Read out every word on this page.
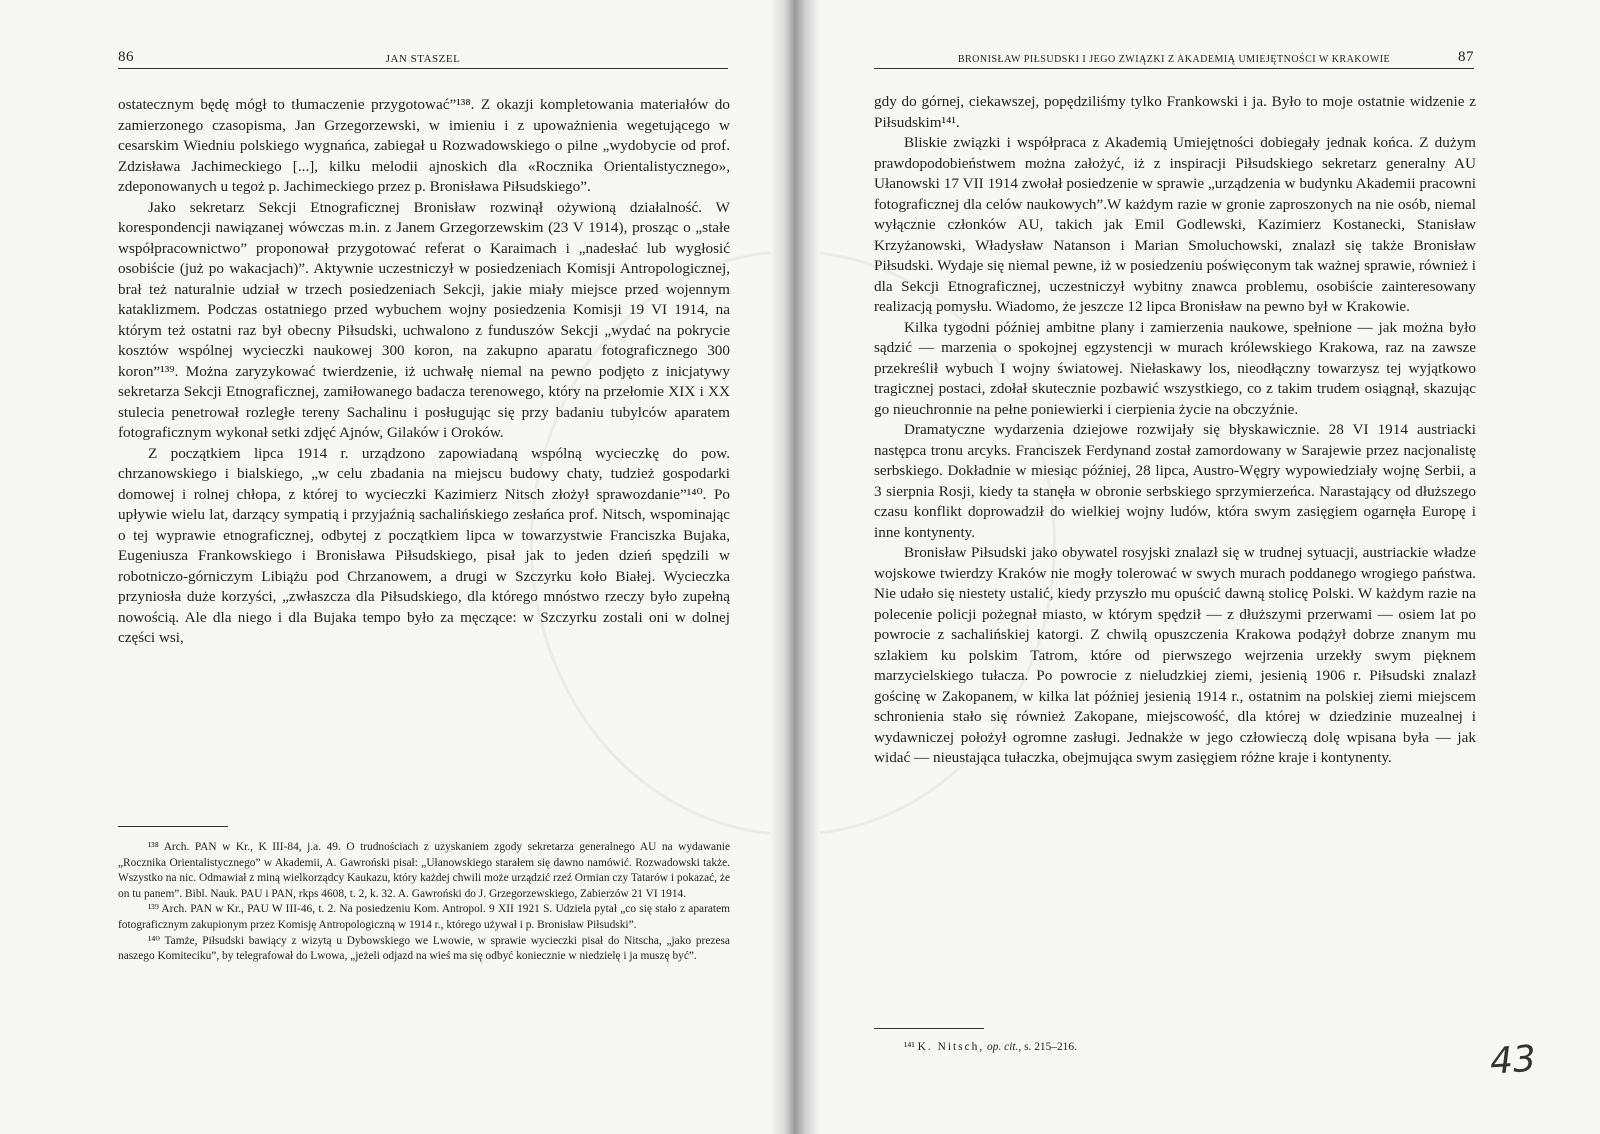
86	JAN STASZEL

ostatecznym będę mógł to tłumaczenie przygotować”¹³⁸. Z okazji kompletowania materiałów do zamierzonego czasopisma, Jan Grzegorzewski, w imieniu i z upoważnienia wegetującego w cesarskim Wiedniu polskiego wygnańca, zabiegał u Rozwadowskiego o pilne „wydobycie od prof. Zdzisława Jachimeckiego [...], kilku melodii ajnoskich dla «Rocznika Orientalistycznego», zdeponowanych u tegoż p. Jachimeckiego przez p. Bronisława Piłsudskiego”.

Jako sekretarz Sekcji Etnograficznej Bronisław rozwinął ożywioną działalność. W korespondencji nawiązanej wówczas m.in. z Janem Grzegorzewskim (23 V 1914), prosząc o „stałe współpracownictwo” proponował przygotować referat o Karaimach i „nadesłać lub wygłosić osobiście (już po wakacjach)”. Aktywnie uczestniczył w posiedzeniach Komisji Antropologicznej, brał też naturalnie udział w trzech posiedzeniach Sekcji, jakie miały miejsce przed wojennym kataklizmem. Podczas ostatniego przed wybuchem wojny posiedzenia Komisji 19 VI 1914, na którym też ostatni raz był obecny Piłsudski, uchwalono z funduszów Sekcji „wydać na pokrycie kosztów wspólnej wycieczki naukowej 300 koron, na zakupno aparatu fotograficznego 300 koron”¹³⁹. Można zaryzykować twierdzenie, iż uchwałę niemal na pewno podjęto z inicjatywy sekretarza Sekcji Etnograficznej, zamiłowanego badacza terenowego, który na przełomie XIX i XX stulecia penetrował rozległe tereny Sachalinu i posługując się przy badaniu tubylców aparatem fotograficznym wykonał setki zdjęć Ajnów, Gilaków i Oroków.

Z początkiem lipca 1914 r. urządzono zapowiadaną wspólną wycieczkę do pow. chrzanowskiego i bialskiego, „w celu zbadania na miejscu budowy chaty, tudzież gospodarki domowej i rolnej chłopa, z której to wycieczki Kazimierz Nitsch złożył sprawozdanie”¹⁴⁰. Po upływie wielu lat, darzący sympatią i przyjaźnią sachalińskiego zesłańca prof. Nitsch, wspominając o tej wyprawie etnograficznej, odbytej z początkiem lipca w towarzystwie Franciszka Bujaka, Eugeniusza Frankowskiego i Bronisława Piłsudskiego, pisał jak to jeden dzień spędzili w robotniczo-górniczym Libiążu pod Chrzanowem, a drugi w Szczyrku koło Białej. Wycieczka przyniosła duże korzyści, „zwłaszcza dla Piłsudskiego, dla którego mnóstwo rzeczy było zupełną nowością. Ale dla niego i dla Bujaka tempo było za męczące: w Szczyrku zostali oni w dolnej części wsi,

¹³⁸ Arch. PAN w Kr., K III-84, j.a. 49. O trudnościach z uzyskaniem zgody sekretarza generalnego AU na wydawanie „Rocznika Orientalistycznego” w Akademii, A. Gawroński pisał: „Ułanowskiego starałem się dawno namówić. Rozwadowski także. Wszystko na nic. Odmawiał z miną wielkorządcy Kaukazu, który każdej chwili może urządzić rzeź Ormian czy Tatarów i pokazać, że on tu panem”. Bibl. Nauk. PAU i PAN, rkps 4608, t. 2, k. 32. A. Gawroński do J. Grzegorzewskiego, Zabierzów 21 VI 1914.

¹³⁹ Arch. PAN w Kr., PAU W III-46, t. 2. Na posiedzeniu Kom. Antropol. 9 XII 1921 S. Udziela pytał „co się stało z aparatem fotograficznym zakupionym przez Komisję Antropologiczną w 1914 r., którego używał i p. Bronisław Piłsudski”.

¹⁴⁰ Tamże, Piłsudski bawiący z wizytą u Dybowskiego we Lwowie, w sprawie wycieczki pisał do Nitscha, „jako prezesa naszego Komiteciku”, by telegrafował do Lwowa, „jeżeli odjazd na wieś ma się odbyć koniecznie w niedzielę i ja muszę być”.

BRONISŁAW PIŁSUDSKI I JEGO ZWIĄZKI Z AKADEMIĄ UMIEJĘTNOŚCI W KRAKOWIE	87

gdy do górnej, ciekawszej, popędziliśmy tylko Frankowski i ja. Było to moje ostatnie widzenie z Piłsudskim¹⁴¹.

Bliskie związki i współpraca z Akademią Umiejętności dobiegały jednak końca. Z dużym prawdopodobieństwem można założyć, iż z inspiracji Piłsudskiego sekretarz generalny AU Ułanowski 17 VII 1914 zwołał posiedzenie w sprawie „urządzenia w budynku Akademii pracowni fotograficznej dla celów naukowych”.W każdym razie w gronie zaproszonych na nie osób, niemal wyłącznie członków AU, takich jak Emil Godlewski, Kazimierz Kostanecki, Stanisław Krzyżanowski, Władysław Natanson i Marian Smoluchowski, znalazł się także Bronisław Piłsudski. Wydaje się niemal pewne, iż w posiedzeniu poświęconym tak ważnej sprawie, również i dla Sekcji Etnograficznej, uczestniczył wybitny znawca problemu, osobiście zainteresowany realizacją pomysłu. Wiadomo, że jeszcze 12 lipca Bronisław na pewno był w Krakowie.

Kilka tygodni później ambitne plany i zamierzenia naukowe, spełnione — jak można było sądzić — marzenia o spokojnej egzystencji w murach królewskiego Krakowa, raz na zawsze przekreślił wybuch I wojny światowej. Niełaskawy los, nieodłączny towarzysz tej wyjątkowo tragicznej postaci, zdołał skutecznie pozbawić wszystkiego, co z takim trudem osiągnął, skazując go nieuchronnie na pełne poniewierki i cierpienia życie na obczyźnie.

Dramatyczne wydarzenia dziejowe rozwijały się błyskawicznie. 28 VI 1914 austriacki następca tronu arcyks. Franciszek Ferdynand został zamordowany w Sarajewie przez nacjonalistę serbskiego. Dokładnie w miesiąc później, 28 lipca, Austro-Węgry wypowiedziały wojnę Serbii, a 3 sierpnia Rosji, kiedy ta stanęła w obronie serbskiego sprzymierzeńca. Narastający od dłuższego czasu konflikt doprowadził do wielkiej wojny ludów, która swym zasięgiem ogarnęła Europę i inne kontynenty.

Bronisław Piłsudski jako obywatel rosyjski znalazł się w trudnej sytuacji, austriackie władze wojskowe twierdzy Kraków nie mogły tolerować w swych murach poddanego wrogiego państwa. Nie udało się niestety ustalić, kiedy przyszło mu opuścić dawną stolicę Polski. W każdym razie na polecenie policji pożegnał miasto, w którym spędził — z dłuższymi przerwami — osiem lat po powrocie z sachalińskiej katorgi. Z chwilą opuszczenia Krakowa podążył dobrze znanym mu szlakiem ku polskim Tatrom, które od pierwszego wejrzenia urzekły swym pięknem marzycielskiego tułacza. Po powrocie z nieludzkiej ziemi, jesienią 1906 r. Piłsudski znalazł gościnę w Zakopanem, w kilka lat później jesienią 1914 r., ostatnim na polskiej ziemi miejscem schronienia stało się również Zakopane, miejscowość, dla której w dziedzinie muzealnej i wydawniczej położył ogromne zasługi. Jednakże w jego człowieczą dolę wpisana była — jak widać — nieustająca tułaczka, obejmująca swym zasięgiem różne kraje i kontynenty.

¹⁴¹ K. Nitsch, op. cit., s. 215–216.	43
